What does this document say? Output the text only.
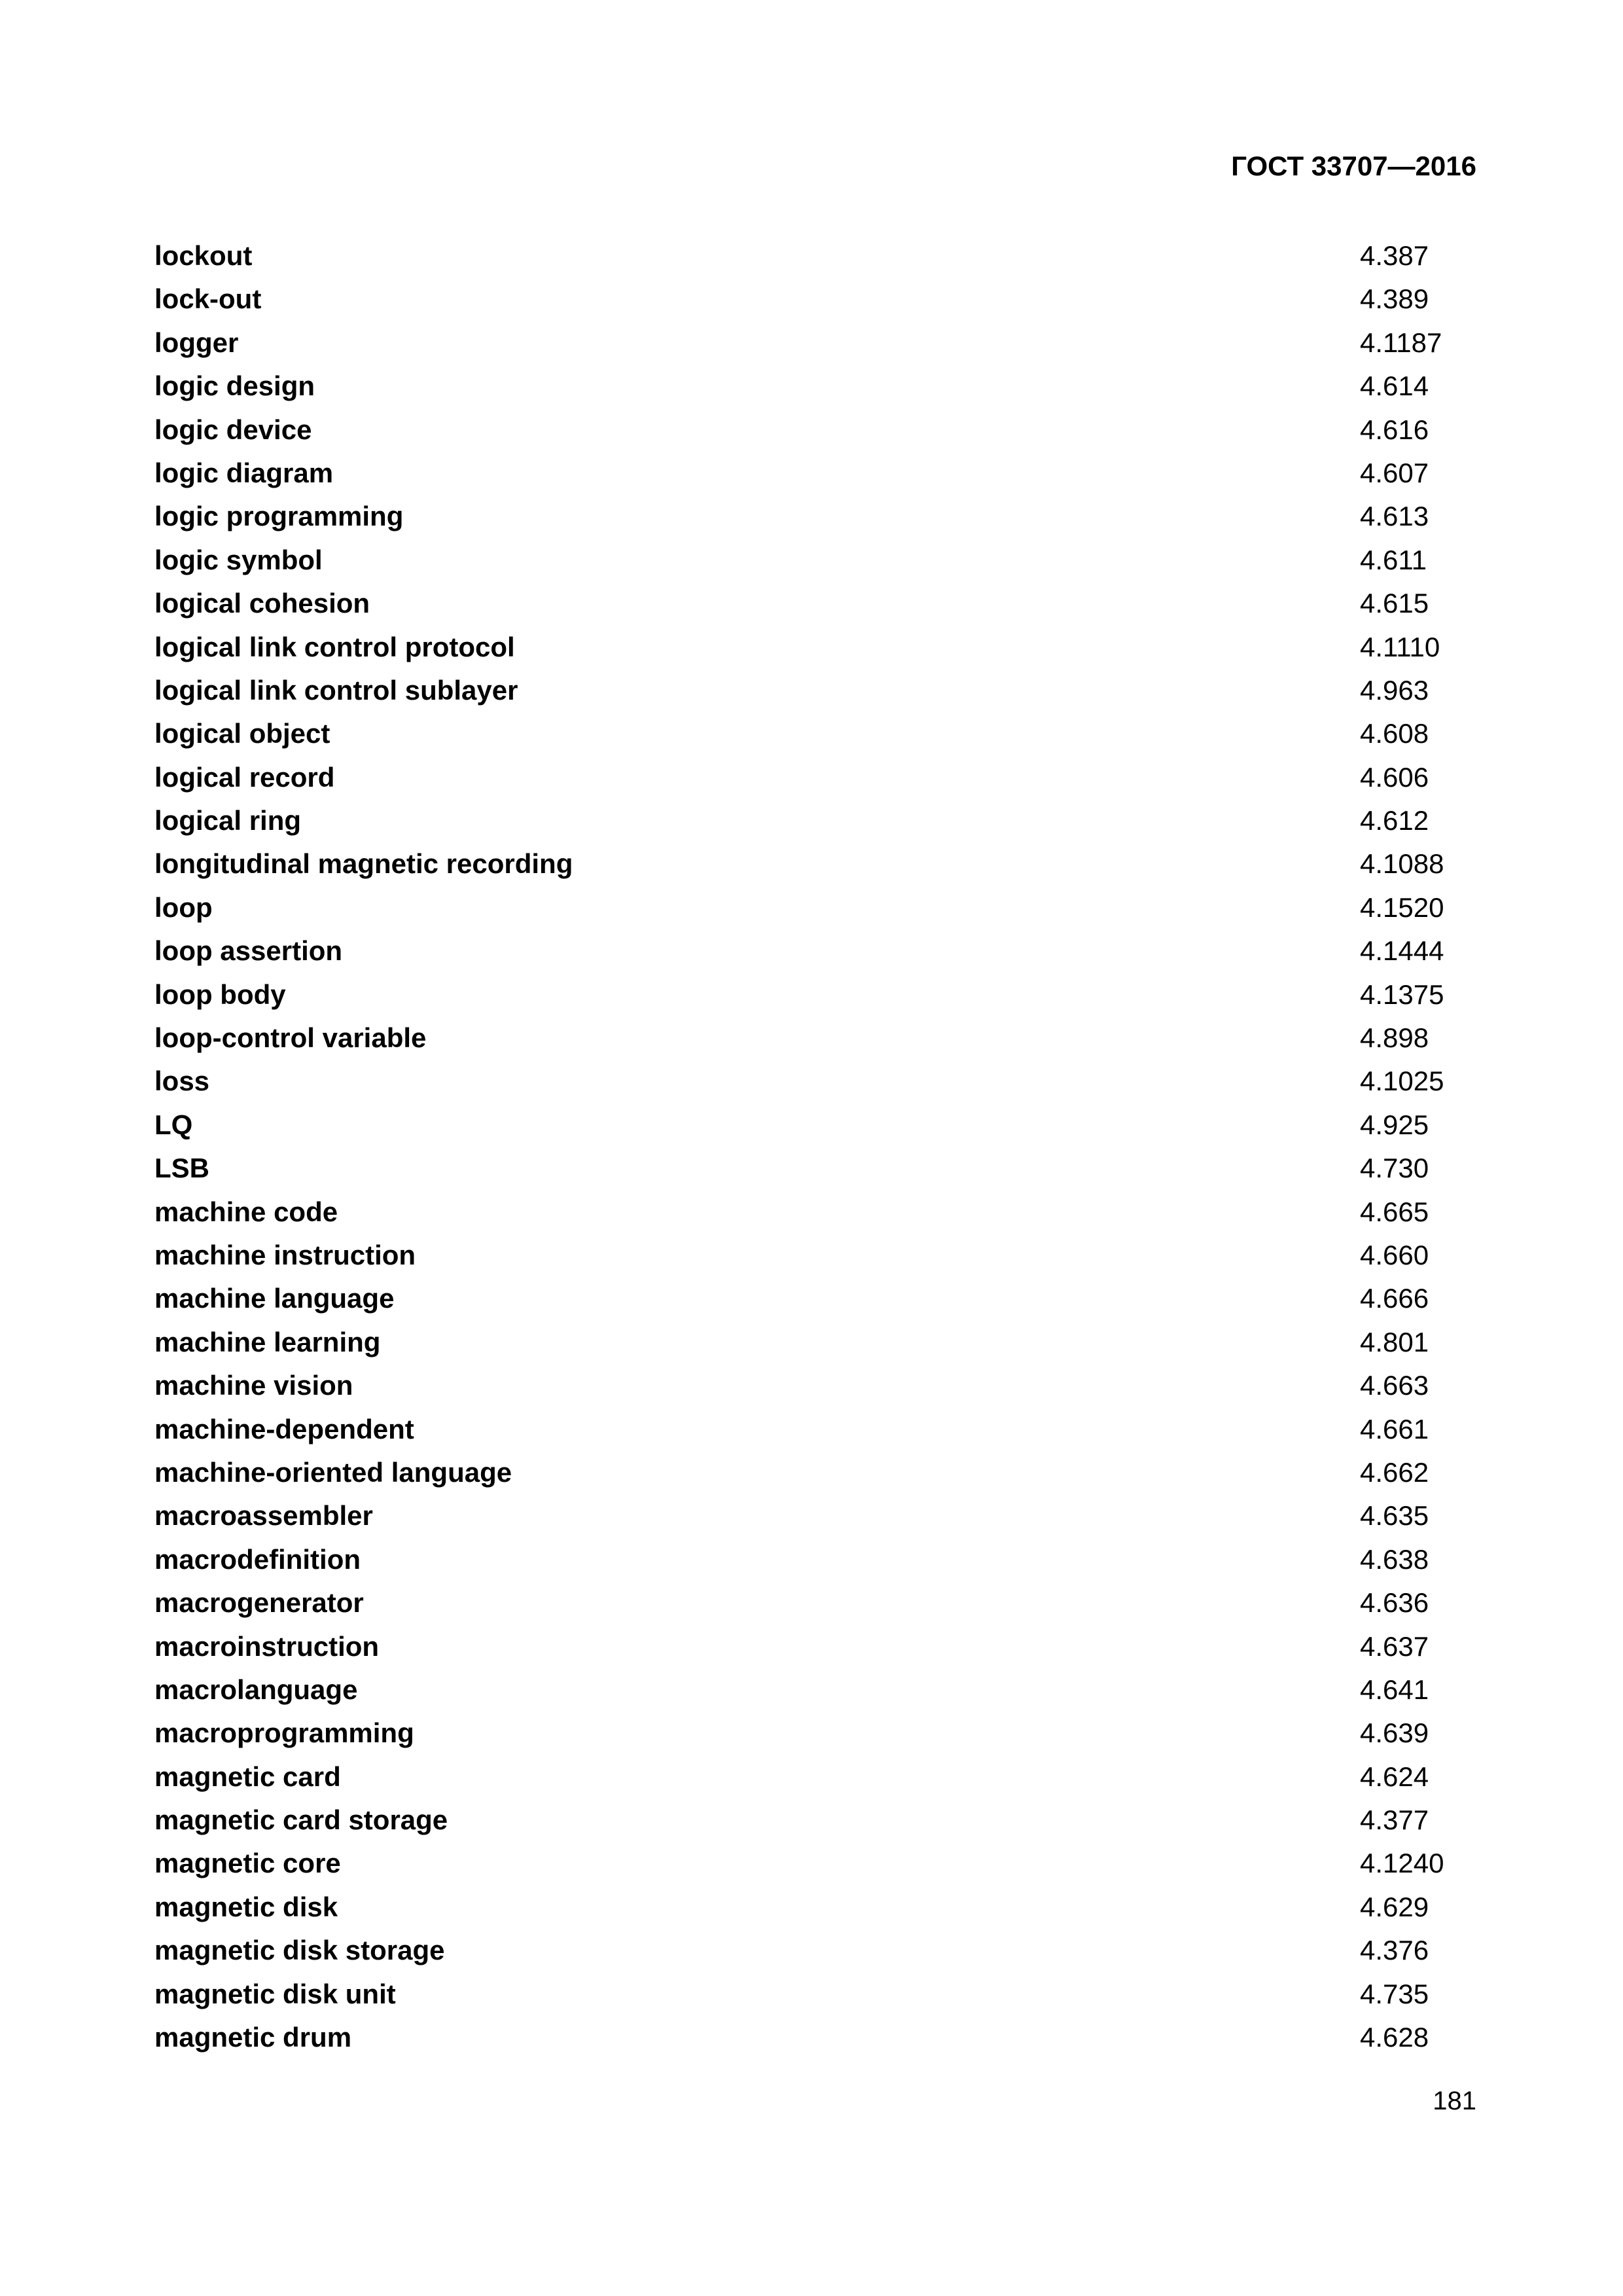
ГОСТ 33707—2016
lockout	4.387
lock-out	4.389
logger	4.1187
logic design	4.614
logic device	4.616
logic diagram	4.607
logic programming	4.613
logic symbol	4.611
logical cohesion	4.615
logical link control protocol	4.1110
logical link control sublayer	4.963
logical object	4.608
logical record	4.606
logical ring	4.612
longitudinal magnetic recording	4.1088
loop	4.1520
loop assertion	4.1444
loop body	4.1375
loop-control variable	4.898
loss	4.1025
LQ	4.925
LSB	4.730
machine code	4.665
machine instruction	4.660
machine language	4.666
machine learning	4.801
machine vision	4.663
machine-dependent	4.661
machine-oriented language	4.662
macroassembler	4.635
macrodefinition	4.638
macrogenerator	4.636
macroinstruction	4.637
macrolanguage	4.641
macroprogramming	4.639
magnetic card	4.624
magnetic card storage	4.377
magnetic core	4.1240
magnetic disk	4.629
magnetic disk storage	4.376
magnetic disk unit	4.735
magnetic drum	4.628
181
